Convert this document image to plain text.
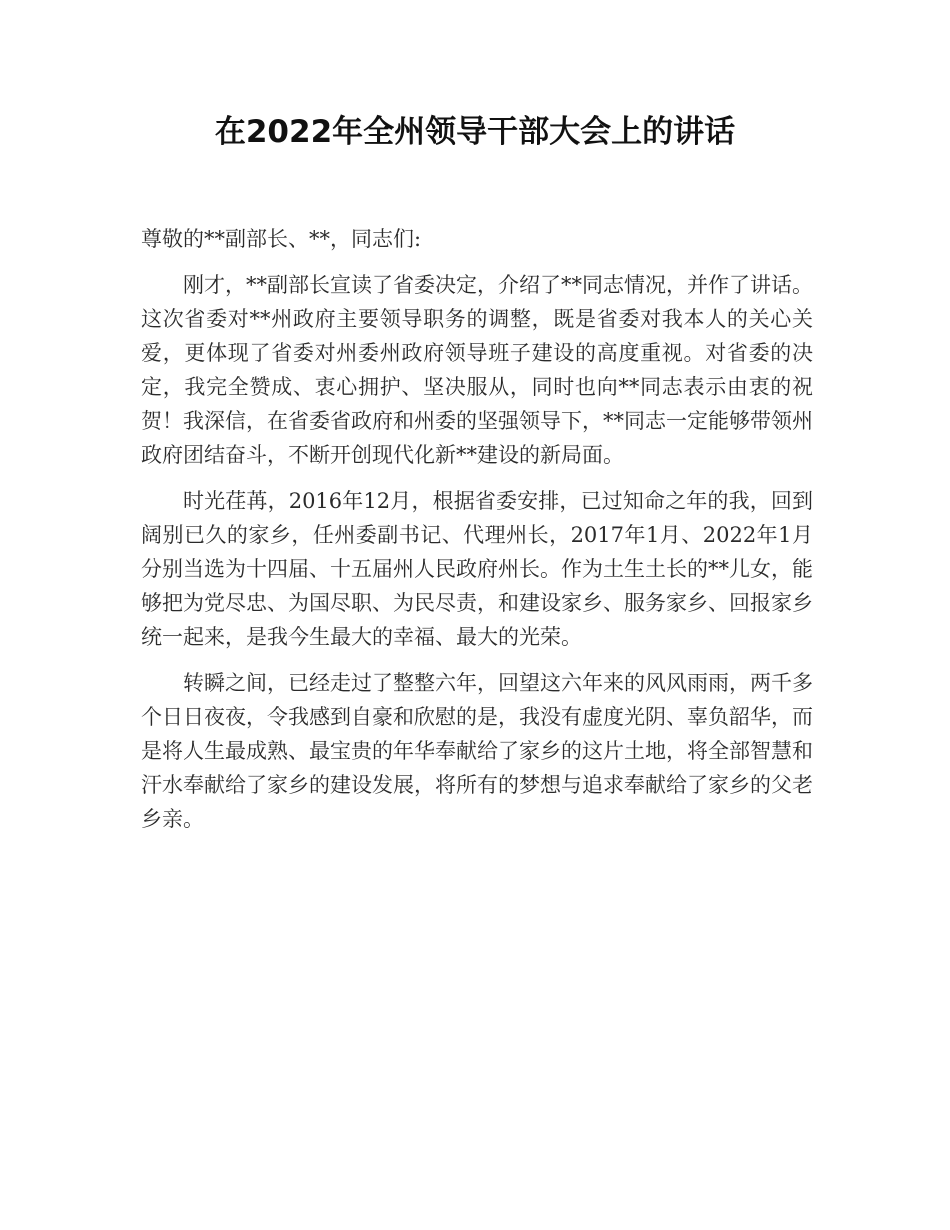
在2022年全州领导干部大会上的讲话

尊敬的**副部长、**，同志们:

刚才，**副部长宣读了省委决定，介绍了**同志情况，并作了讲话。这次省委对**州政府主要领导职务的调整，既是省委对我本人的关心关爱，更体现了省委对州委州政府领导班子建设的高度重视。对省委的决定，我完全赞成、衷心拥护、坚决服从，同时也向**同志表示由衷的祝贺！我深信，在省委省政府和州委的坚强领导下，**同志一定能够带领州政府团结奋斗，不断开创现代化新**建设的新局面。

时光荏苒，2016年12月，根据省委安排，已过知命之年的我，回到阔别已久的家乡，任州委副书记、代理州长，2017年1月、2022年1月分别当选为十四届、十五届州人民政府州长。作为土生土长的**儿女，能够把为党尽忠、为国尽职、为民尽责，和建设家乡、服务家乡、回报家乡统一起来，是我今生最大的幸福、最大的光荣。

转瞬之间，已经走过了整整六年，回望这六年来的风风雨雨，两千多个日日夜夜，令我感到自豪和欣慰的是，我没有虚度光阴、辜负韶华，而是将人生最成熟、最宝贵的年华奉献给了家乡的这片土地，将全部智慧和汗水奉献给了家乡的建设发展，将所有的梦想与追求奉献给了家乡的父老乡亲。
